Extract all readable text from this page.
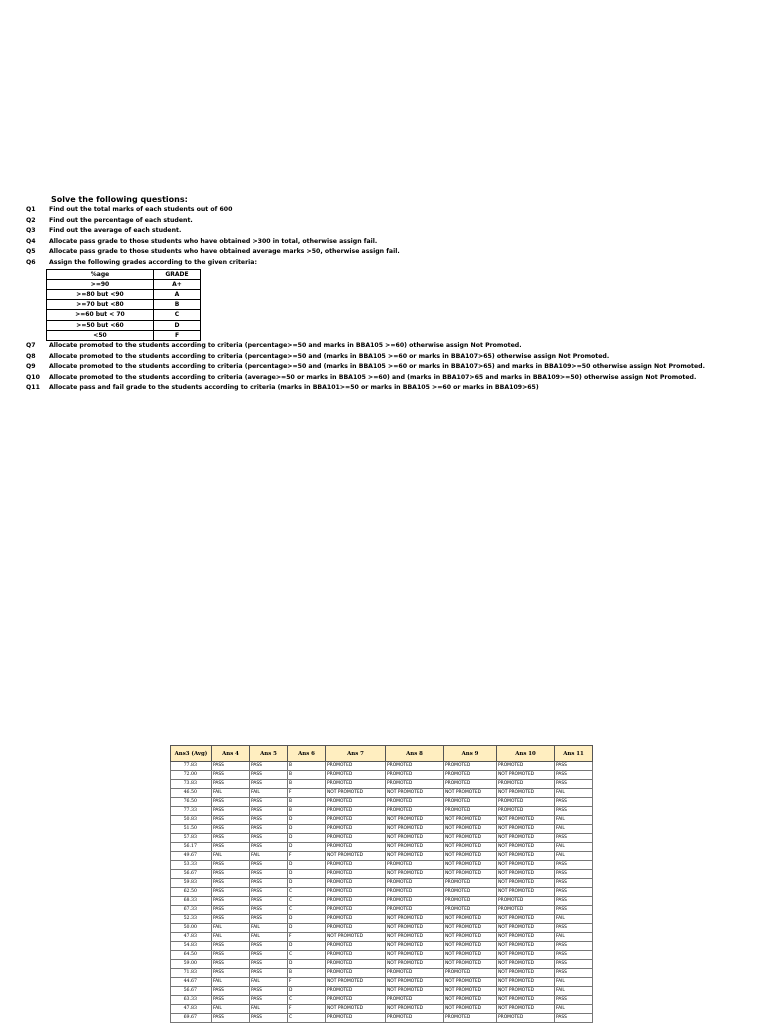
Solve the following questions:
Q1	Find out the total marks of each students out of 600
Q2	Find out the percentage of each student.
Q3	Find out the average of each student.
Q4	Allocate pass grade to those students who have obtained >300 in total, otherwise assign fail.
Q5	Allocate pass grade to those students who have obtained average marks >50, otherwise assign fail.
Q6	Assign the following grades according to the given criteria:
%age	GRADE
>=90	A+
>=80 but <90	A
>=70 but <80	B
>=60 but < 70	C
>=50 but <60	D
<50	F
Q7	Allocate promoted to the students according to criteria (percentage>=50 and marks in BBA105 >=60) otherwise assign Not Promoted.
Q8	Allocate promoted to the students according to criteria (percentage>=50 and (marks in BBA105 >=60 or marks in BBA107>65) otherwise assign Not Promoted.
Q9	Allocate promoted to the students according to criteria (percentage>=50 and (marks in BBA105 >=60 or marks in BBA107>65) and marks in BBA109>=50 otherwise assign Not Promoted.
Q10	Allocate promoted to the students according to criteria (average>=50 or marks in BBA105 >=60) and (marks in BBA107>65 and marks in BBA109>=50) otherwise assign Not Promoted.
Q11	Allocate pass and fail grade to the students according to criteria (marks in BBA101>=50 or marks in BBA105 >=60 or marks in BBA109>65)
Ans3 (Avg)	Ans 4	Ans 5	Ans 6	Ans 7	Ans 8	Ans 9	Ans 10	Ans 11
77.83	PASS	PASS	B	PROMOTED	PROMOTED	PROMOTED	PROMOTED	PASS
72.00	PASS	PASS	B	PROMOTED	PROMOTED	PROMOTED	NOT PROMOTED	PASS
73.83	PASS	PASS	B	PROMOTED	PROMOTED	PROMOTED	PROMOTED	PASS
46.50	FAIL	FAIL	F	NOT PROMOTED	NOT PROMOTED	NOT PROMOTED	NOT PROMOTED	FAIL
76.50	PASS	PASS	B	PROMOTED	PROMOTED	PROMOTED	PROMOTED	PASS
77.33	PASS	PASS	B	PROMOTED	PROMOTED	PROMOTED	PROMOTED	PASS
50.83	PASS	PASS	D	PROMOTED	NOT PROMOTED	NOT PROMOTED	NOT PROMOTED	FAIL
51.50	PASS	PASS	D	PROMOTED	NOT PROMOTED	NOT PROMOTED	NOT PROMOTED	FAIL
57.83	PASS	PASS	D	PROMOTED	NOT PROMOTED	NOT PROMOTED	NOT PROMOTED	PASS
56.17	PASS	PASS	D	PROMOTED	NOT PROMOTED	NOT PROMOTED	NOT PROMOTED	FAIL
49.67	FAIL	FAIL	F	NOT PROMOTED	NOT PROMOTED	NOT PROMOTED	NOT PROMOTED	FAIL
53.33	PASS	PASS	D	PROMOTED	PROMOTED	NOT PROMOTED	NOT PROMOTED	PASS
56.67	PASS	PASS	D	PROMOTED	NOT PROMOTED	NOT PROMOTED	NOT PROMOTED	PASS
59.83	PASS	PASS	D	PROMOTED	PROMOTED	PROMOTED	NOT PROMOTED	PASS
62.50	PASS	PASS	C	PROMOTED	PROMOTED	PROMOTED	NOT PROMOTED	PASS
68.33	PASS	PASS	C	PROMOTED	PROMOTED	PROMOTED	PROMOTED	PASS
67.33	PASS	PASS	C	PROMOTED	PROMOTED	PROMOTED	PROMOTED	PASS
52.33	PASS	PASS	D	PROMOTED	NOT PROMOTED	NOT PROMOTED	NOT PROMOTED	FAIL
50.00	FAIL	FAIL	D	PROMOTED	NOT PROMOTED	NOT PROMOTED	NOT PROMOTED	PASS
47.83	FAIL	FAIL	F	NOT PROMOTED	NOT PROMOTED	NOT PROMOTED	NOT PROMOTED	FAIL
54.83	PASS	PASS	D	PROMOTED	NOT PROMOTED	NOT PROMOTED	NOT PROMOTED	PASS
64.50	PASS	PASS	C	PROMOTED	NOT PROMOTED	NOT PROMOTED	NOT PROMOTED	PASS
59.00	PASS	PASS	D	PROMOTED	NOT PROMOTED	NOT PROMOTED	NOT PROMOTED	PASS
71.83	PASS	PASS	B	PROMOTED	PROMOTED	PROMOTED	NOT PROMOTED	PASS
44.67	FAIL	FAIL	F	NOT PROMOTED	NOT PROMOTED	NOT PROMOTED	NOT PROMOTED	FAIL
56.67	PASS	PASS	D	PROMOTED	NOT PROMOTED	NOT PROMOTED	NOT PROMOTED	FAIL
63.33	PASS	PASS	C	PROMOTED	PROMOTED	NOT PROMOTED	NOT PROMOTED	PASS
47.83	FAIL	FAIL	F	NOT PROMOTED	NOT PROMOTED	NOT PROMOTED	NOT PROMOTED	FAIL
69.67	PASS	PASS	C	PROMOTED	PROMOTED	PROMOTED	PROMOTED	PASS
